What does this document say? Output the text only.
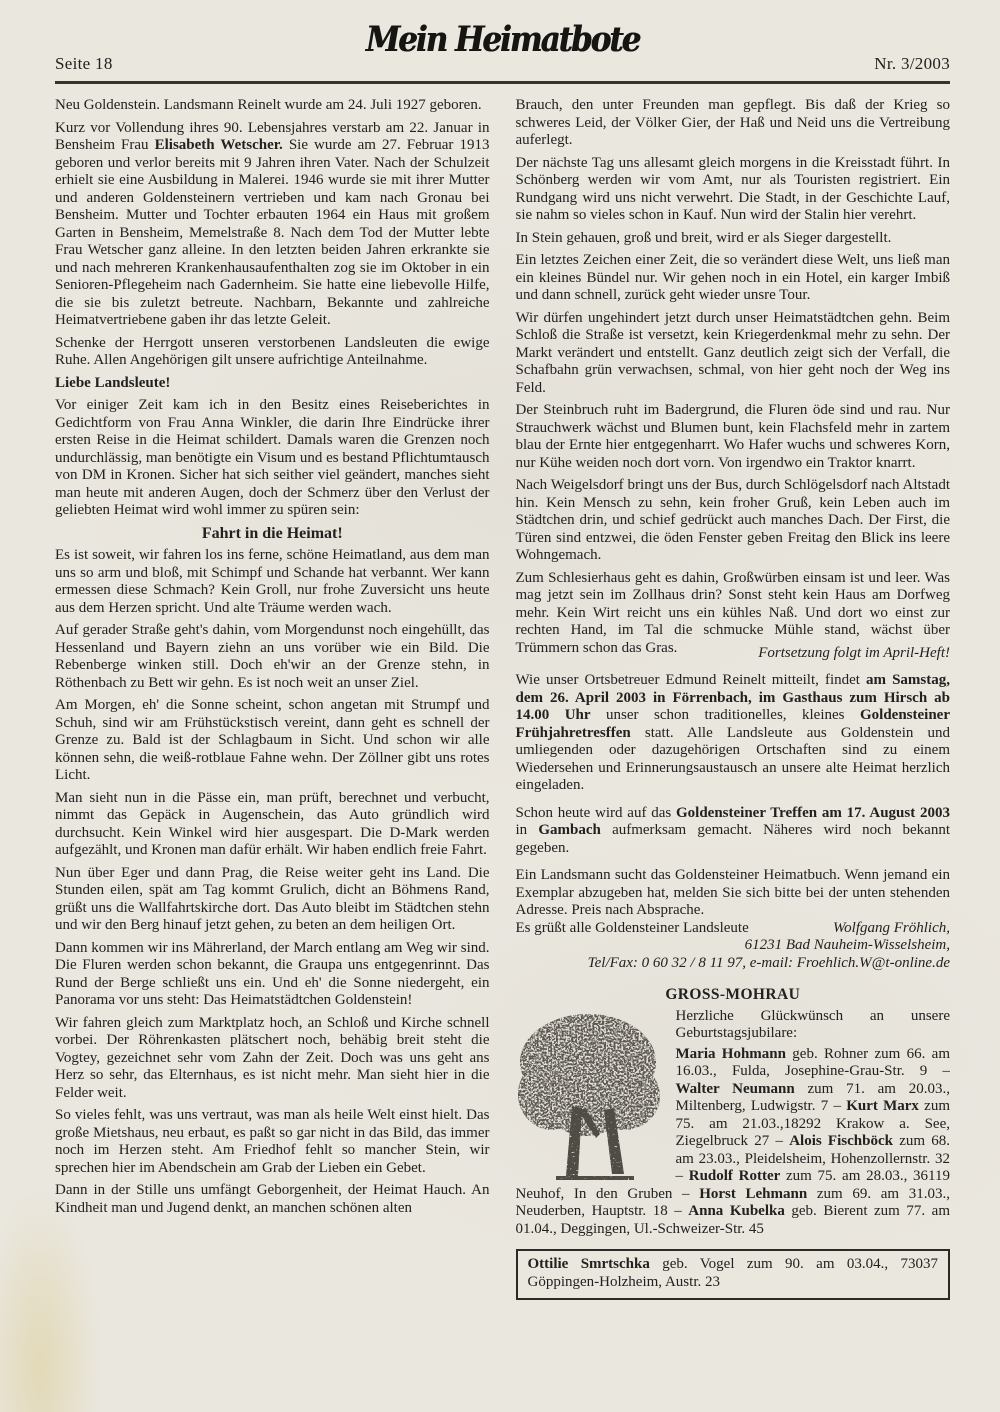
Seite 18
Mein Heimatbote
Nr. 3/2003

Neu Goldenstein. Landsmann Reinelt wurde am 24. Juli 1927 geboren.

Kurz vor Vollendung ihres 90. Lebensjahres verstarb am 22. Januar in Bensheim Frau Elisabeth Wetscher. Sie wurde am 27. Februar 1913 geboren und verlor bereits mit 9 Jahren ihren Vater. Nach der Schulzeit erhielt sie eine Ausbildung in Malerei. 1946 wurde sie mit ihrer Mutter und anderen Goldensteinern vertrieben und kam nach Gronau bei Bensheim. Mutter und Tochter erbauten 1964 ein Haus mit großem Garten in Bensheim, Memelstraße 8. Nach dem Tod der Mutter lebte Frau Wetscher ganz alleine. In den letzten beiden Jahren erkrankte sie und nach mehreren Krankenhausaufenthalten zog sie im Oktober in ein Senioren-Pflegeheim nach Gadernheim. Sie hatte eine liebevolle Hilfe, die sie bis zuletzt betreute. Nachbarn, Bekannte und zahlreiche Heimatvertriebene gaben ihr das letzte Geleit.

Schenke der Herrgott unseren verstorbenen Landsleuten die ewige Ruhe. Allen Angehörigen gilt unsere aufrichtige Anteilnahme.

Liebe Landsleute!

Vor einiger Zeit kam ich in den Besitz eines Reiseberichtes in Gedichtform von Frau Anna Winkler, die darin Ihre Eindrücke ihrer ersten Reise in die Heimat schildert. Damals waren die Grenzen noch undurchlässig, man benötigte ein Visum und es bestand Pflichtumtausch von DM in Kronen. Sicher hat sich seither viel geändert, manches sieht man heute mit anderen Augen, doch der Schmerz über den Verlust der geliebten Heimat wird wohl immer zu spüren sein:

Fahrt in die Heimat!

Es ist soweit, wir fahren los ins ferne, schöne Heimatland, aus dem man uns so arm und bloß, mit Schimpf und Schande hat verbannt. Wer kann ermessen diese Schmach? Kein Groll, nur frohe Zuversicht uns heute aus dem Herzen spricht. Und alte Träume werden wach.

Auf gerader Straße geht's dahin, vom Morgendunst noch eingehüllt, das Hessenland und Bayern ziehn an uns vorüber wie ein Bild. Die Rebenberge winken still. Doch eh'wir an der Grenze stehn, in Röthenbach zu Bett wir gehn. Es ist noch weit an unser Ziel.

Am Morgen, eh' die Sonne scheint, schon angetan mit Strumpf und Schuh, sind wir am Frühstückstisch vereint, dann geht es schnell der Grenze zu. Bald ist der Schlagbaum in Sicht. Und schon wir alle können sehn, die weiß-rotblaue Fahne wehn. Der Zöllner gibt uns rotes Licht.

Man sieht nun in die Pässe ein, man prüft, berechnet und verbucht, nimmt das Gepäck in Augenschein, das Auto gründlich wird durchsucht. Kein Winkel wird hier ausgespart. Die D-Mark werden aufgezählt, und Kronen man dafür erhält. Wir haben endlich freie Fahrt.

Nun über Eger und dann Prag, die Reise weiter geht ins Land. Die Stunden eilen, spät am Tag kommt Grulich, dicht an Böhmens Rand, grüßt uns die Wallfahrtskirche dort. Das Auto bleibt im Städtchen stehn und wir den Berg hinauf jetzt gehen, zu beten an dem heiligen Ort.

Dann kommen wir ins Mährerland, der March entlang am Weg wir sind. Die Fluren werden schon bekannt, die Graupa uns entgegenrinnt. Das Rund der Berge schließt uns ein. Und eh' die Sonne niedergeht, ein Panorama vor uns steht: Das Heimatstädtchen Goldenstein!

Wir fahren gleich zum Marktplatz hoch, an Schloß und Kirche schnell vorbei. Der Röhrenkasten plätschert noch, behäbig breit steht die Vogtey, gezeichnet sehr vom Zahn der Zeit. Doch was uns geht ans Herz so sehr, das Elternhaus, es ist nicht mehr. Man sieht hier in die Felder weit.

So vieles fehlt, was uns vertraut, was man als heile Welt einst hielt. Das große Mietshaus, neu erbaut, es paßt so gar nicht in das Bild, das immer noch im Herzen steht. Am Friedhof fehlt so mancher Stein, wir sprechen hier im Abendschein am Grab der Lieben ein Gebet.

Dann in der Stille uns umfängt Geborgenheit, der Heimat Hauch. An Kindheit man und Jugend denkt, an manchen schönen alten

Brauch, den unter Freunden man gepflegt. Bis daß der Krieg so schweres Leid, der Völker Gier, der Haß und Neid uns die Vertreibung auferlegt.

Der nächste Tag uns allesamt gleich morgens in die Kreisstadt führt. In Schönberg werden wir vom Amt, nur als Touristen registriert. Ein Rundgang wird uns nicht verwehrt. Die Stadt, in der Geschichte Lauf, sie nahm so vieles schon in Kauf. Nun wird der Stalin hier verehrt.

In Stein gehauen, groß und breit, wird er als Sieger dargestellt.

Ein letztes Zeichen einer Zeit, die so verändert diese Welt, uns ließ man ein kleines Bündel nur. Wir gehen noch in ein Hotel, ein karger Imbiß und dann schnell, zurück geht wieder unsre Tour.

Wir dürfen ungehindert jetzt durch unser Heimatstädtchen gehn. Beim Schloß die Straße ist versetzt, kein Kriegerdenkmal mehr zu sehn. Der Markt verändert und entstellt. Ganz deutlich zeigt sich der Verfall, die Schafbahn grün verwachsen, schmal, von hier geht noch der Weg ins Feld.

Der Steinbruch ruht im Badergrund, die Fluren öde sind und rau. Nur Strauchwerk wächst und Blumen bunt, kein Flachsfeld mehr in zartem blau der Ernte hier entgegenharrt. Wo Hafer wuchs und schweres Korn, nur Kühe weiden noch dort vorn. Von irgendwo ein Traktor knarrt.

Nach Weigelsdorf bringt uns der Bus, durch Schlögelsdorf nach Altstadt hin. Kein Mensch zu sehn, kein froher Gruß, kein Leben auch im Städtchen drin, und schief gedrückt auch manches Dach. Der First, die Türen sind entzwei, die öden Fenster geben Freitag den Blick ins leere Wohngemach.

Zum Schlesierhaus geht es dahin, Großwürben einsam ist und leer. Was mag jetzt sein im Zollhaus drin? Sonst steht kein Haus am Dorfweg mehr. Kein Wirt reicht uns ein kühles Naß. Und dort wo einst zur rechten Hand, im Tal die schmucke Mühle stand, wächst über Trümmern schon das Gras.	Fortsetzung folgt im April-Heft!

Wie unser Ortsbetreuer Edmund Reinelt mitteilt, findet am Samstag, dem 26. April 2003 in Förrenbach, im Gasthaus zum Hirsch ab 14.00 Uhr unser schon traditionelles, kleines Goldensteiner Frühjahretresffen statt. Alle Landsleute aus Goldenstein und umliegenden oder dazugehörigen Ortschaften sind zu einem Wiedersehen und Erinnerungsaustausch an unsere alte Heimat herzlich eingeladen.

Schon heute wird auf das Goldensteiner Treffen am 17. August 2003 in Gambach aufmerksam gemacht. Näheres wird noch bekannt gegeben.

Ein Landsmann sucht das Goldensteiner Heimatbuch. Wenn jemand ein Exemplar abzugeben hat, melden Sie sich bitte bei der unten stehenden Adresse. Preis nach Absprache.

Es grüßt alle Goldensteiner Landsleute	Wolfgang Fröhlich,
61231 Bad Nauheim-Wisselsheim,
Tel/Fax: 0 60 32 / 8 11 97, e-mail: Froehlich.W@t-online.de
GROSS-MOHRAU

Herzliche Glückwünsch an unsere Geburtstagsjubilare:

Maria Hohmann geb. Rohner zum 66. am 16.03., Fulda, Josephine-Grau-Str. 9 – Walter Neumann zum 71. am 20.03., Miltenberg, Ludwigstr. 7 – Kurt Marx zum 75. am 21.03.,18292 Krakow a. See, Ziegelbruck 27 – Alois Fischböck zum 68. am 23.03., Pleidelsheim, Hohenzollernstr. 32 – Rudolf Rotter zum 75. am 28.03., 36119 Neuhof, In den Gruben – Horst Lehmann zum 69. am 31.03., Neuderben, Hauptstr. 18 – Anna Kubelka geb. Bierent zum 77. am 01.04., Deggingen, Ul.-Schweizer-Str. 45

Ottilie Smrtschka geb. Vogel zum 90. am 03.04., 73037 Göppingen-Holzheim, Austr. 23
